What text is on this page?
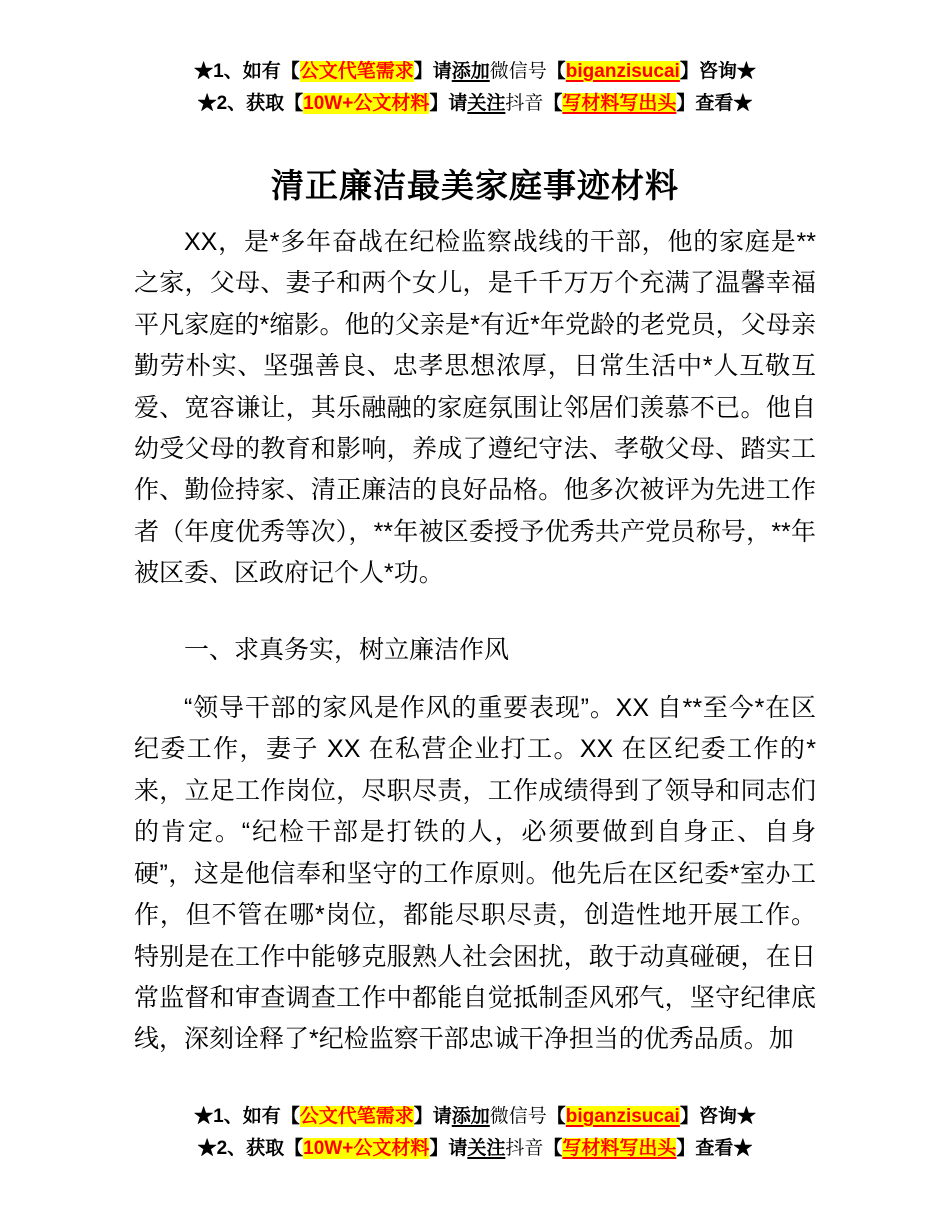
★1、如有【公文代笔需求】请添加微信号【biganzisucai】咨询★
★2、获取【10W+公文材料】请关注抖音【写材料写出头】查看★
清正廉洁最美家庭事迹材料

XX，是*多年奋战在纪检监察战线的干部，他的家庭是**之家，父母、妻子和两个女儿，是千千万万个充满了温馨幸福平凡家庭的*缩影。他的父亲是*有近*年党龄的老党员，父母亲勤劳朴实、坚强善良、忠孝思想浓厚，日常生活中*人互敬互爱、宽容谦让，其乐融融的家庭氛围让邻居们羡慕不已。他自幼受父母的教育和影响，养成了遵纪守法、孝敬父母、踏实工作、勤俭持家、清正廉洁的良好品格。他多次被评为先进工作者（年度优秀等次），**年被区委授予优秀共产党员称号，**年被区委、区政府记个人*功。

一、求真务实，树立廉洁作风

“领导干部的家风是作风的重要表现”。XX 自**至今*在区纪委工作，妻子 XX 在私营企业打工。XX 在区纪委工作的*来，立足工作岗位，尽职尽责，工作成绩得到了领导和同志们的肯定。“纪检干部是打铁的人，必须要做到自身正、自身硬”，这是他信奉和坚守的工作原则。他先后在区纪委*室办工作，但不管在哪*岗位，都能尽职尽责，创造性地开展工作。特别是在工作中能够克服熟人社会困扰，敢于动真碰硬，在日常监督和审查调查工作中都能自觉抵制歪风邪气，坚守纪律底线，深刻诠释了*纪检监察干部忠诚干净担当的优秀品质。加

★1、如有【公文代笔需求】请添加微信号【biganzisucai】咨询★
★2、获取【10W+公文材料】请关注抖音【写材料写出头】查看★
